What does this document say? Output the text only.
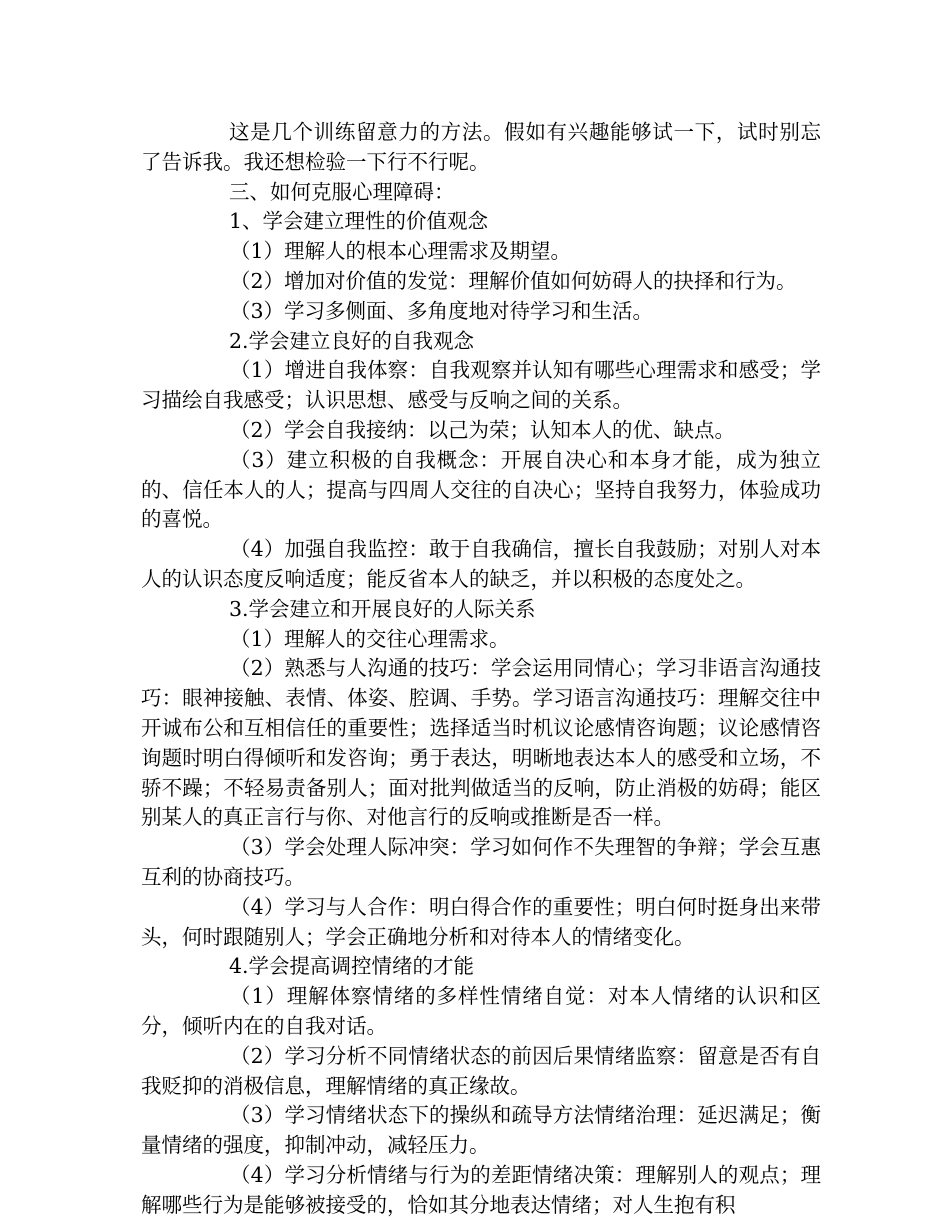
这是几个训练留意力的方法。假如有兴趣能够试一下，试时别忘了告诉我。我还想检验一下行不行呢。

三、如何克服心理障碍：

1、学会建立理性的价值观念

（1）理解人的根本心理需求及期望。

（2）增加对价值的发觉：理解价值如何妨碍人的抉择和行为。

（3）学习多侧面、多角度地对待学习和生活。

2.学会建立良好的自我观念

（1）增进自我体察：自我观察并认知有哪些心理需求和感受；学习描绘自我感受；认识思想、感受与反响之间的关系。

（2）学会自我接纳：以己为荣；认知本人的优、缺点。

（3）建立积极的自我概念：开展自决心和本身才能，成为独立的、信任本人的人；提高与四周人交往的自决心；坚持自我努力，体验成功的喜悦。

（4）加强自我监控：敢于自我确信，擅长自我鼓励；对别人对本人的认识态度反响适度；能反省本人的缺乏，并以积极的态度处之。

3.学会建立和开展良好的人际关系

（1）理解人的交往心理需求。

（2）熟悉与人沟通的技巧：学会运用同情心；学习非语言沟通技巧：眼神接触、表情、体姿、腔调、手势。学习语言沟通技巧：理解交往中开诚布公和互相信任的重要性；选择适当时机议论感情咨询题；议论感情咨询题时明白得倾听和发咨询；勇于表达，明晰地表达本人的感受和立场，不骄不躁；不轻易责备别人；面对批判做适当的反响，防止消极的妨碍；能区别某人的真正言行与你、对他言行的反响或推断是否一样。

（3）学会处理人际冲突：学习如何作不失理智的争辩；学会互惠互利的协商技巧。

（4）学习与人合作：明白得合作的重要性；明白何时挺身出来带头，何时跟随别人；学会正确地分析和对待本人的情绪变化。

4.学会提高调控情绪的才能

（1）理解体察情绪的多样性情绪自觉：对本人情绪的认识和区分，倾听内在的自我对话。

（2）学习分析不同情绪状态的前因后果情绪监察：留意是否有自我贬抑的消极信息，理解情绪的真正缘故。

（3）学习情绪状态下的操纵和疏导方法情绪治理：延迟满足；衡量情绪的强度，抑制冲动，减轻压力。

（4）学习分析情绪与行为的差距情绪决策：理解别人的观点；理解哪些行为是能够被接受的，恰如其分地表达情绪；对人生抱有积
